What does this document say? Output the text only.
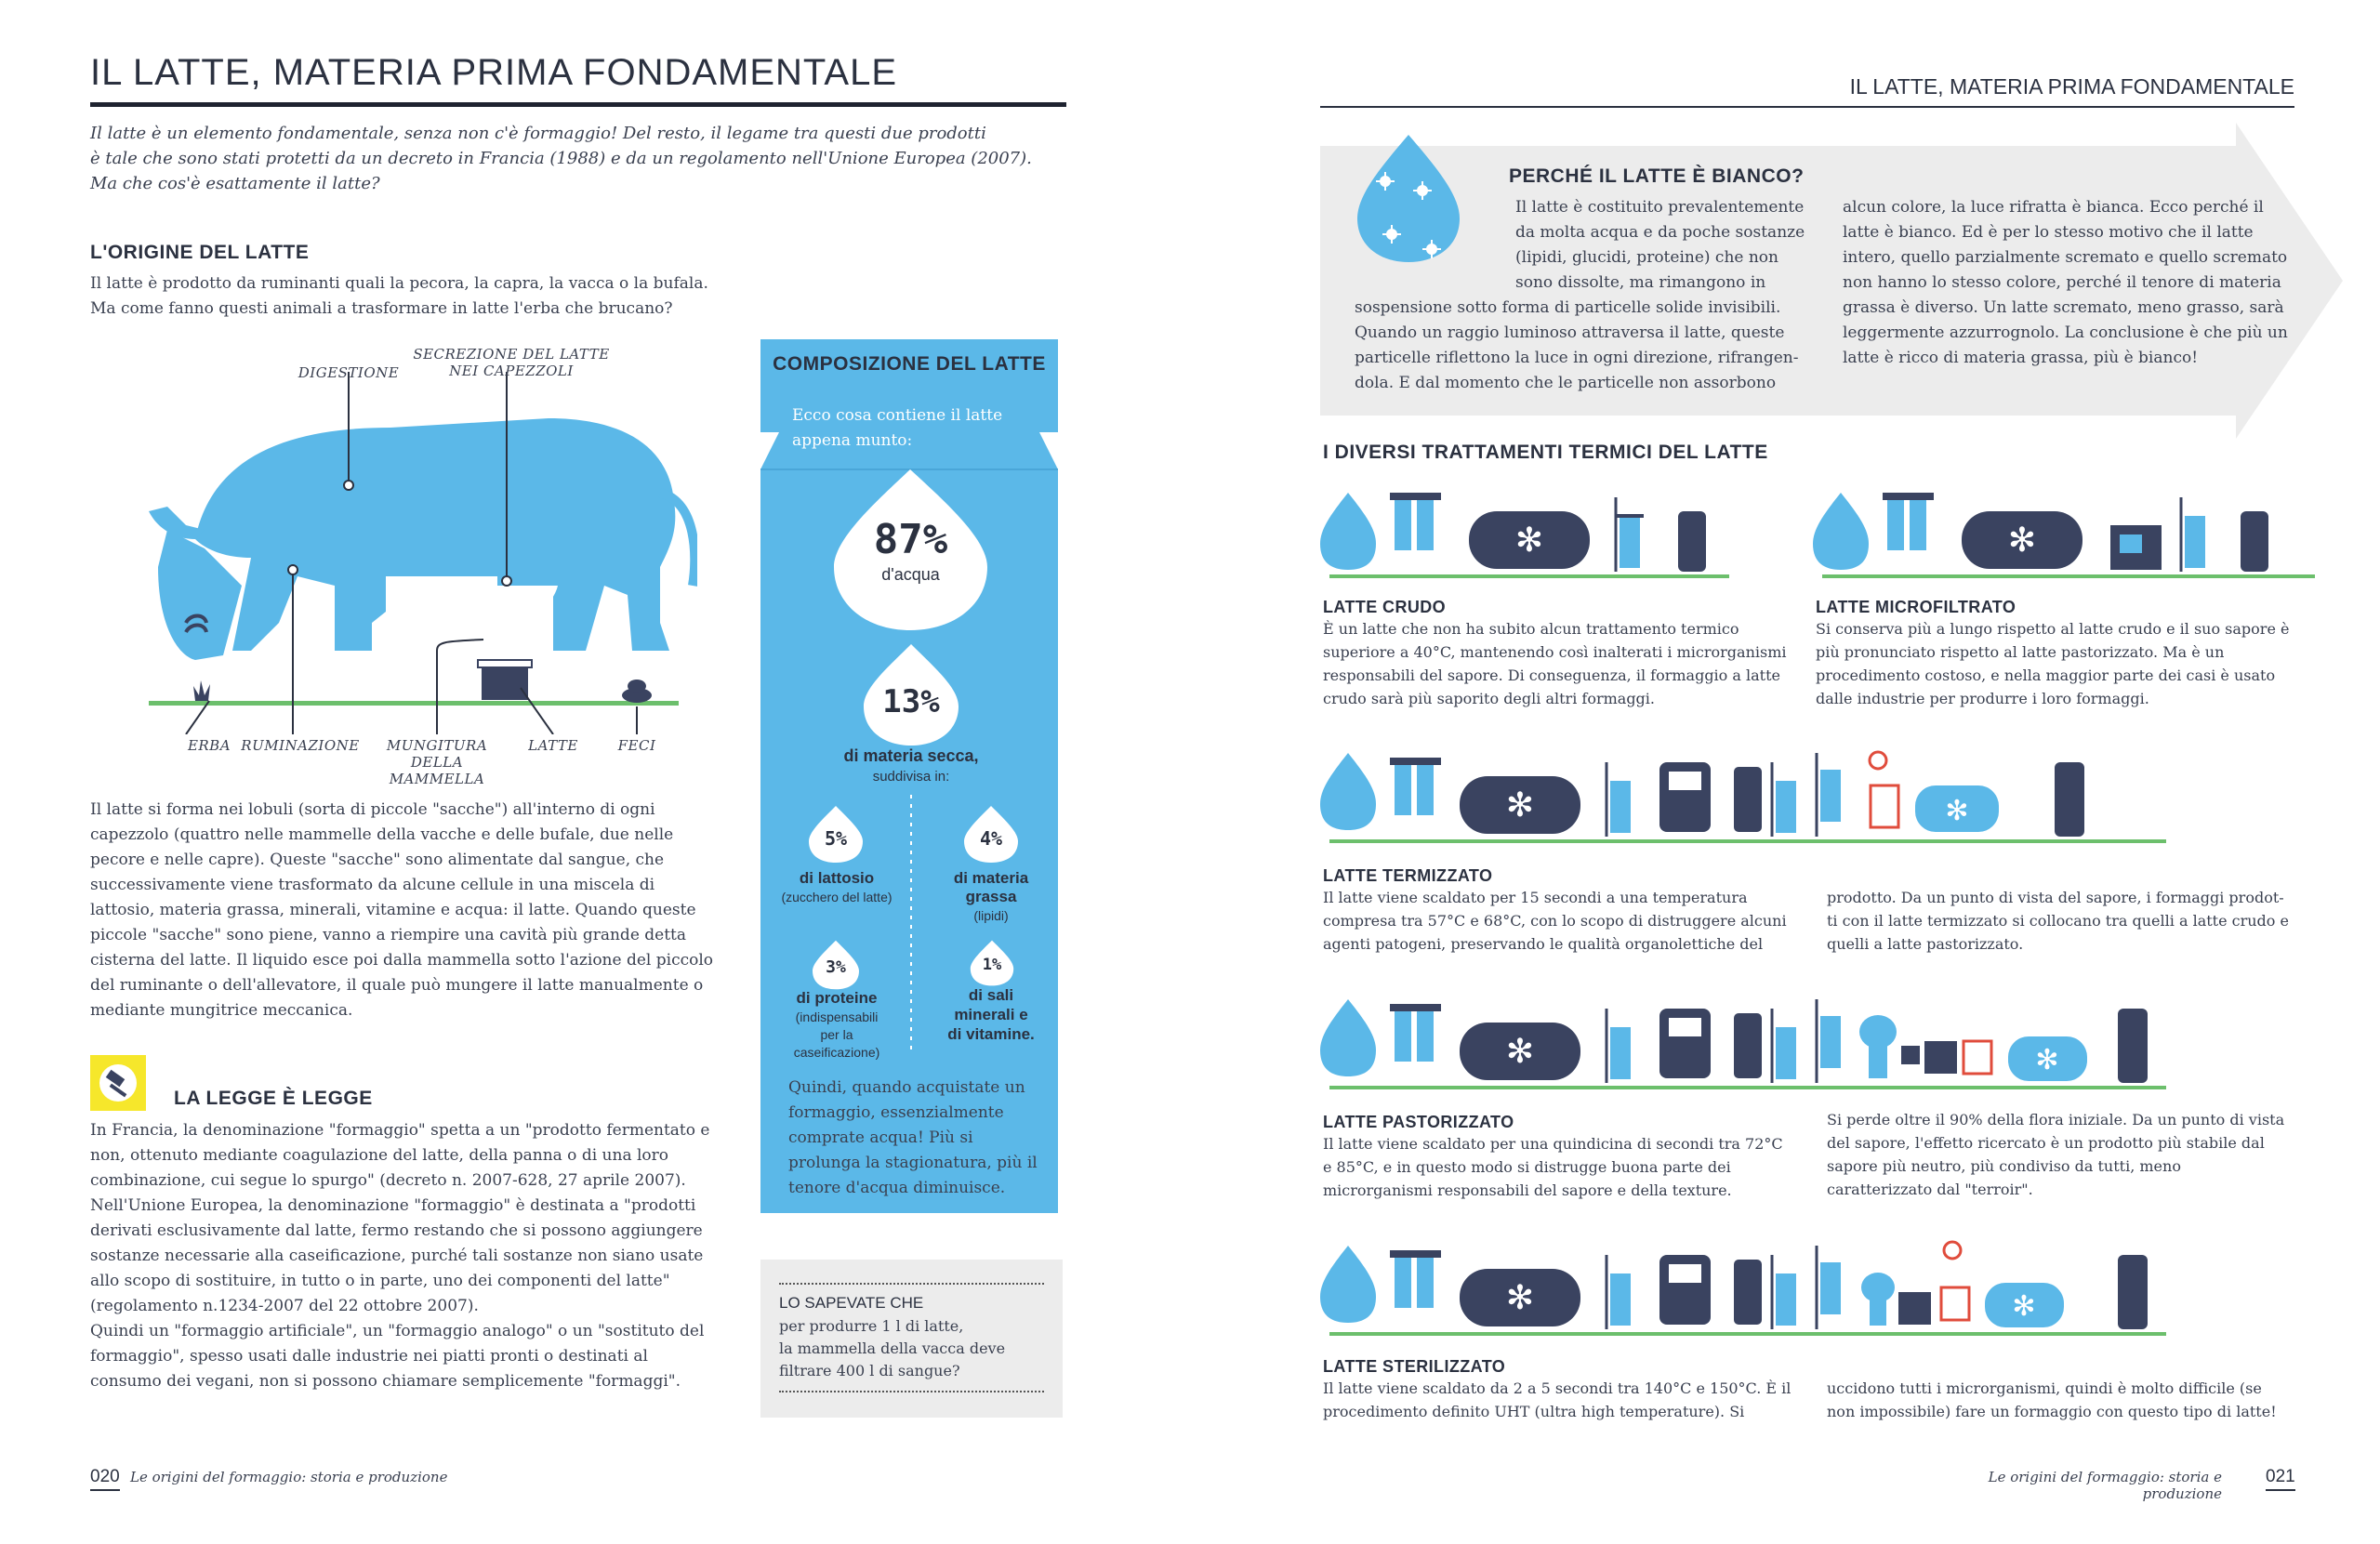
IL LATTE, MATERIA PRIMA FONDAMENTALE
Il latte è un elemento fondamentale, senza non c'è formaggio! Del resto, il legame tra questi due prodotti
è tale che sono stati protetti da un decreto in Francia (1988) e da un regolamento nell'Unione Europea (2007).
Ma che cos'è esattamente il latte?
L'ORIGINE DEL LATTE
Il latte è prodotto da ruminanti quali la pecora, la capra, la vacca o la bufala.
Ma come fanno questi animali a trasformare in latte l'erba che brucano?
DIGESTIONE
SECREZIONE DEL LATTE
NEI CAPEZZOLI
ERBA RUMINAZIONE	MUNGITURA
DELLA MAMMELLA
LATTE	FECI
Il latte si forma nei lobuli (sorta di piccole "sacche") all'interno di ogni
capezzolo (quattro nelle mammelle della vacche e delle bufale, due nelle
pecore e nelle capre). Queste "sacche" sono alimentate dal sangue, che
successivamente viene trasformato da alcune cellule in una miscela di
lattosio, materia grassa, minerali, vitamine e acqua: il latte. Quando queste
piccole "sacche" sono piene, vanno a riempire una cavità più grande detta
cisterna del latte. Il liquido esce poi dalla mammella sotto l'azione del piccolo
del ruminante o dell'allevatore, il quale può mungere il latte manualmente o
mediante mungitrice meccanica.
LA LEGGE È LEGGE
In Francia, la denominazione "formaggio" spetta a un "prodotto fermentato e
non, ottenuto mediante coagulazione del latte, della panna o di una loro
combinazione, cui segue lo spurgo" (decreto n. 2007-628, 27 aprile 2007).
Nell'Unione Europea, la denominazione "formaggio" è destinata a "prodotti
derivati esclusivamente dal latte, fermo restando che si possono aggiungere
sostanze necessarie alla caseificazione, purché tali sostanze non siano usate
allo scopo di sostituire, in tutto o in parte, uno dei componenti del latte"
(regolamento n.1234-2007 del 22 ottobre 2007).
Quindi un "formaggio artificiale", un "formaggio analogo" o un "sostituto del
formaggio", spesso usati dalle industrie nei piatti pronti o destinati al
consumo dei vegani, non si possono chiamare semplicemente "formaggi".
COMPOSIZIONE DEL LATTE
Ecco cosa contiene il latte
appena munto:
87%
d'acqua
13%
di materia secca,
suddivisa in:
5%
di lattosio
(zucchero del latte)
4%
di materia
grassa
(lipidi)
3%
di proteine
(indispensabili
per la
caseificazione)
1%
di sali
minerali e
di vitamine.
Quindi, quando acquistate un
formaggio, essenzialmente
comprate acqua! Più si
prolunga la stagionatura, più il
tenore d'acqua diminuisce.
LO SAPEVATE CHE
per produrre 1 l di latte,
la mammella della vacca deve
filtrare 400 l di sangue?
020 Le origini del formaggio: storia e produzione
IL LATTE, MATERIA PRIMA FONDAMENTALE
PERCHÉ IL LATTE È BIANCO?
Il latte è costituito prevalentemente
da molta acqua e da poche sostanze
(lipidi, glucidi, proteine) che non
sono dissolte, ma rimangono in
sospensione sotto forma di particelle solide invisibili.
Quando un raggio luminoso attraversa il latte, queste
particelle riflettono la luce in ogni direzione, rifrangen-
dola. E dal momento che le particelle non assorbono
alcun colore, la luce rifratta è bianca. Ecco perché il
latte è bianco. Ed è per lo stesso motivo che il latte
intero, quello parzialmente scremato e quello scremato
non hanno lo stesso colore, perché il tenore di materia
grassa è diverso. Un latte scremato, meno grasso, sarà
leggermente azzurrognolo. La conclusione è che più un
latte è ricco di materia grassa, più è bianco!
I DIVERSI TRATTAMENTI TERMICI DEL LATTE
✻
LATTE CRUDO
È un latte che non ha subito alcun trattamento termico
superiore a 40°C, mantenendo così inalterati i microrganismi
responsabili del sapore. Di conseguenza, il formaggio a latte
crudo sarà più saporito degli altri formaggi.
✻
LATTE MICROFILTRATO
Si conserva più a lungo rispetto al latte crudo e il suo sapore è
più pronunciato rispetto al latte pastorizzato. Ma è un
procedimento costoso, e nella maggior parte dei casi è usato
dalle industrie per produrre i loro formaggi.
✻	✻
LATTE TERMIZZATO
Il latte viene scaldato per 15 secondi a una temperatura
compresa tra 57°C e 68°C, con lo scopo di distruggere alcuni
agenti patogeni, preservando le qualità organolettiche del
prodotto. Da un punto di vista del sapore, i formaggi prodot-
ti con il latte termizzato si collocano tra quelli a latte crudo e
quelli a latte pastorizzato.
✻	✻
LATTE PASTORIZZATO
Il latte viene scaldato per una quindicina di secondi tra 72°C
e 85°C, e in questo modo si distrugge buona parte dei
microrganismi responsabili del sapore e della texture.
Si perde oltre il 90% della flora iniziale. Da un punto di vista
del sapore, l'effetto ricercato è un prodotto più stabile dal
sapore più neutro, più condiviso da tutti, meno
caratterizzato dal "terroir".
✻	✻
LATTE STERILIZZATO
Il latte viene scaldato da 2 a 5 secondi tra 140°C e 150°C. È il
procedimento definito UHT (ultra high temperature). Si
uccidono tutti i microrganismi, quindi è molto difficile (se
non impossibile) fare un formaggio con questo tipo di latte!
Le origini del formaggio: storia e produzione
021
